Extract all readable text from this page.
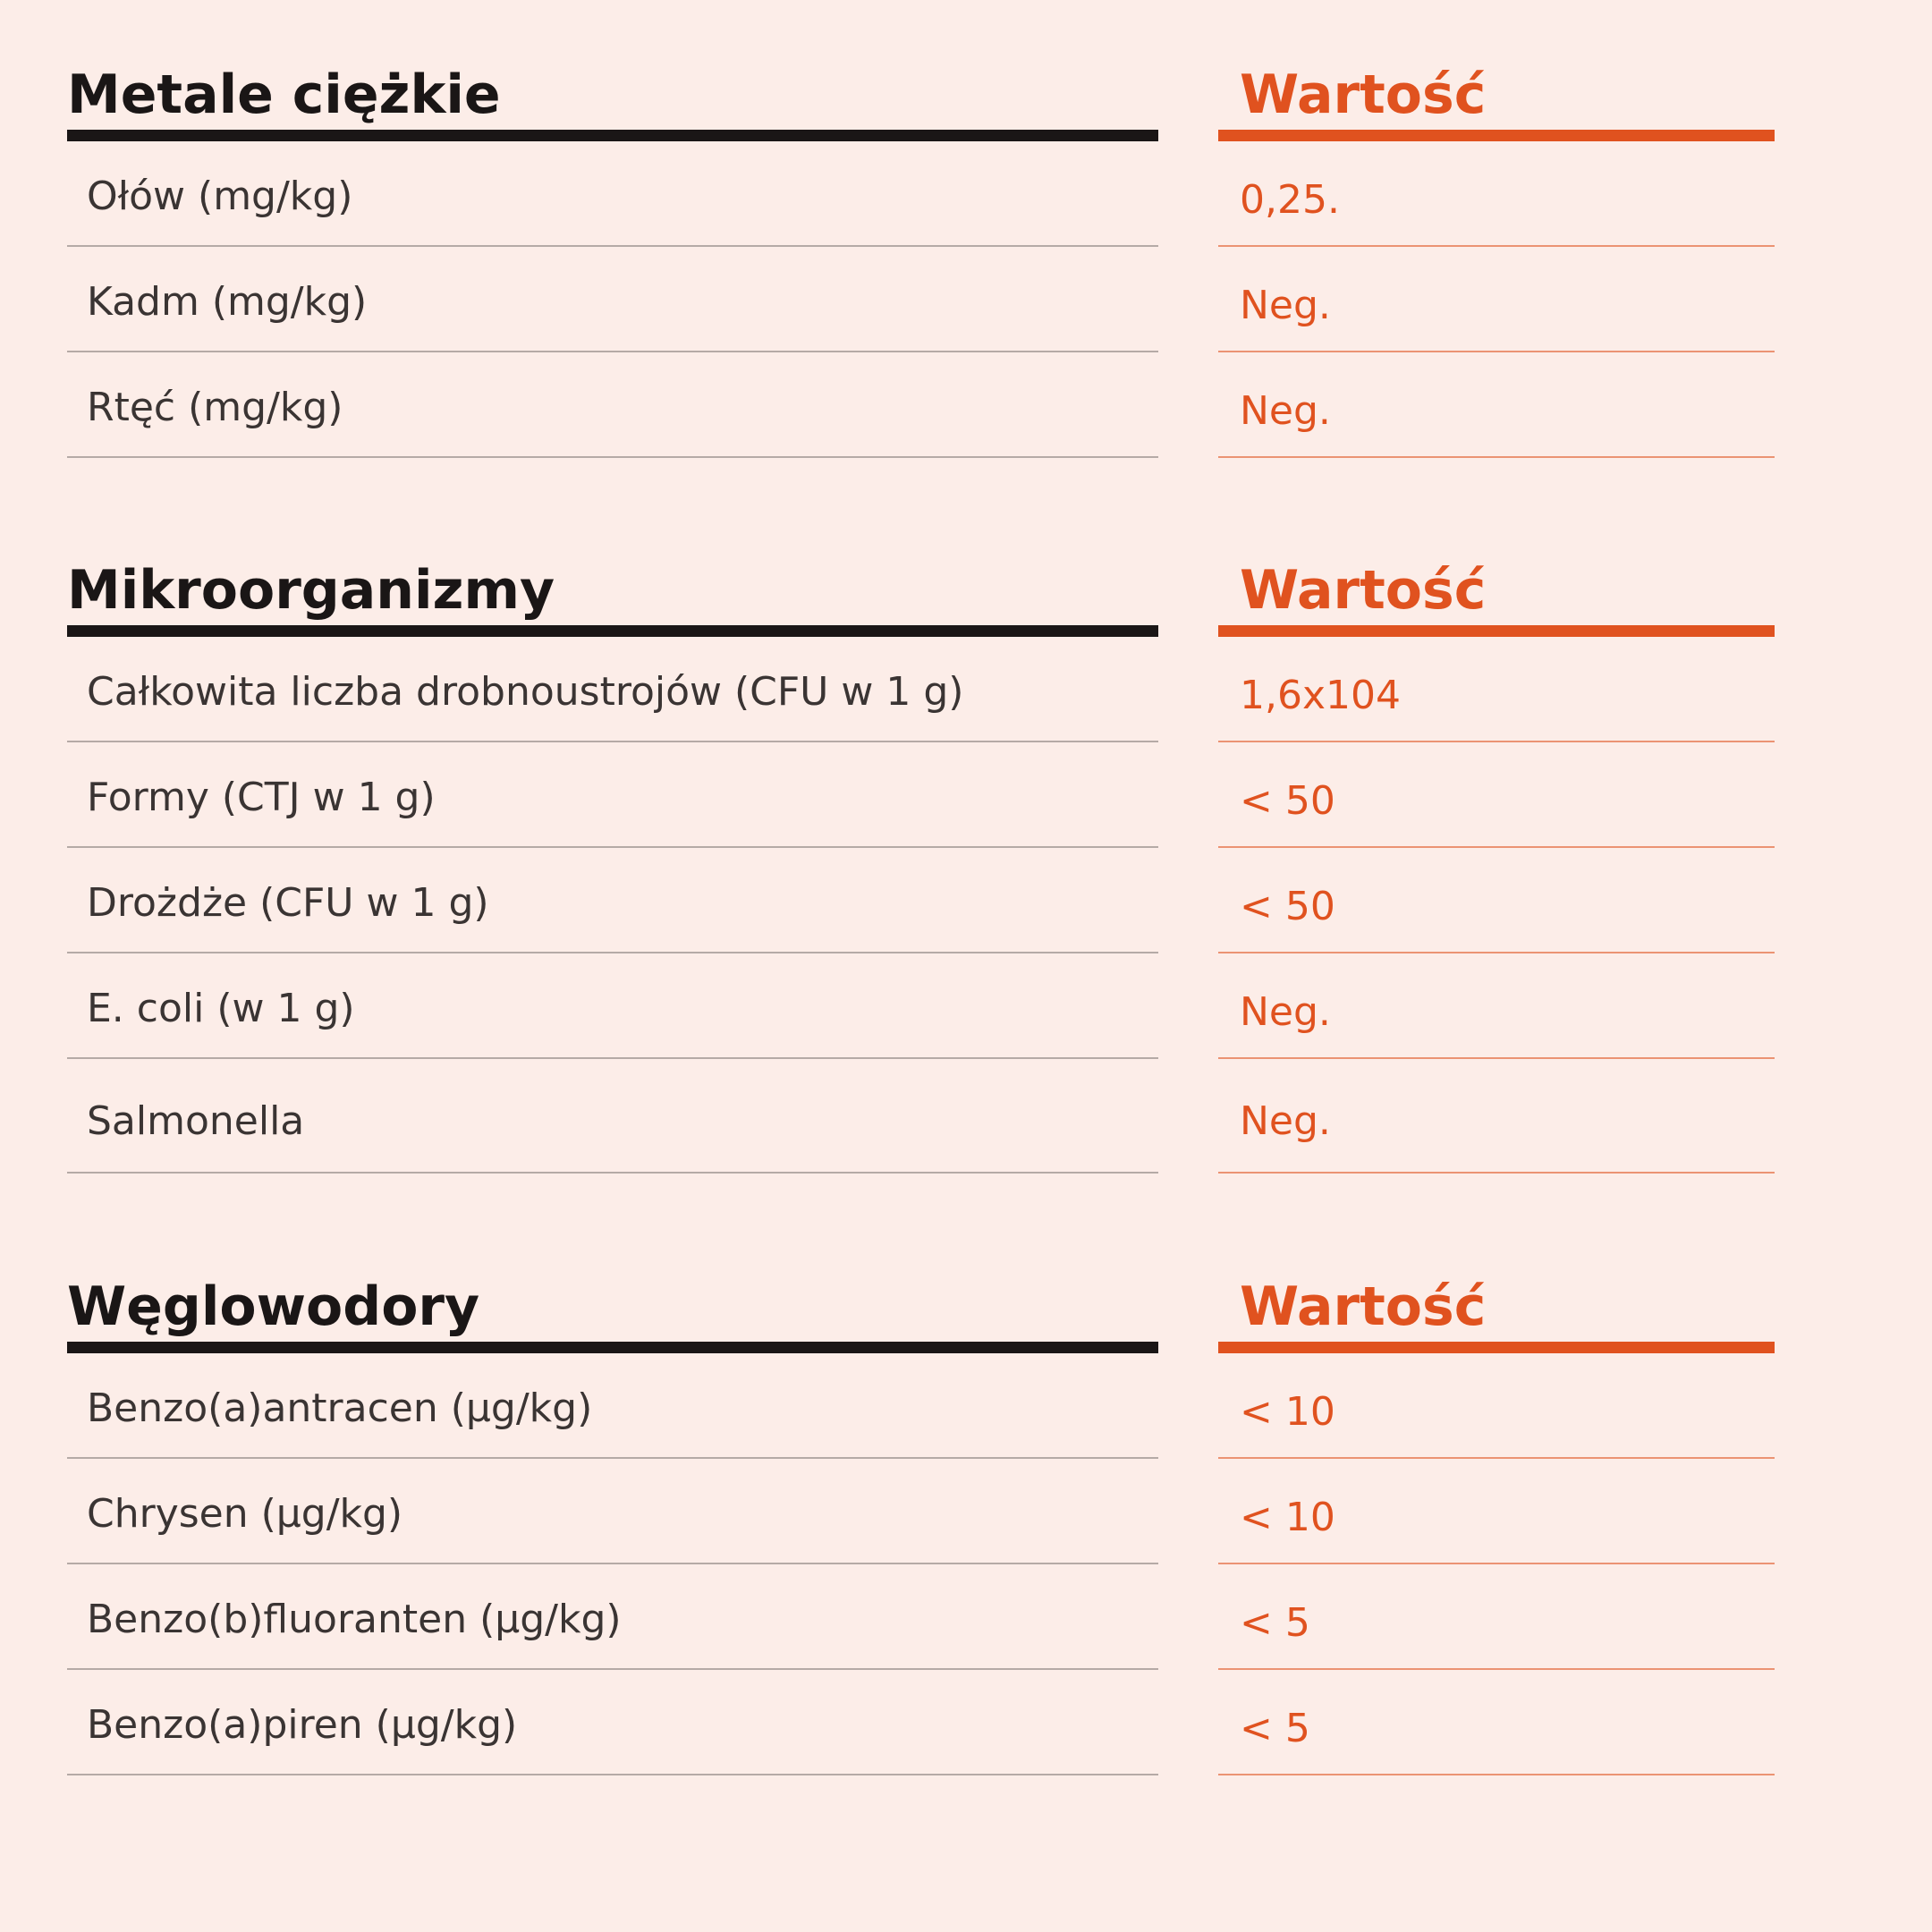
Metale ciężkie
Ołów (mg/kg)
Kadm (mg/kg)
Rtęć (mg/kg)
Wartość
0,25.
Neg.
Neg.
Mikroorganizmy
Całkowita liczba drobnoustrojów (CFU w 1 g)
Formy (CTJ w 1 g)
Drożdże (CFU w 1 g)
E. coli (w 1 g)
Salmonella
Wartość
1,6x104
< 50
< 50
Neg.
Neg.
Węglowodory
Benzo(a)antracen (μg/kg)
Chrysen (μg/kg)
Benzo(b)fluoranten (μg/kg)
Benzo(a)piren (μg/kg)
Wartość
< 10
< 10
< 5
< 5
